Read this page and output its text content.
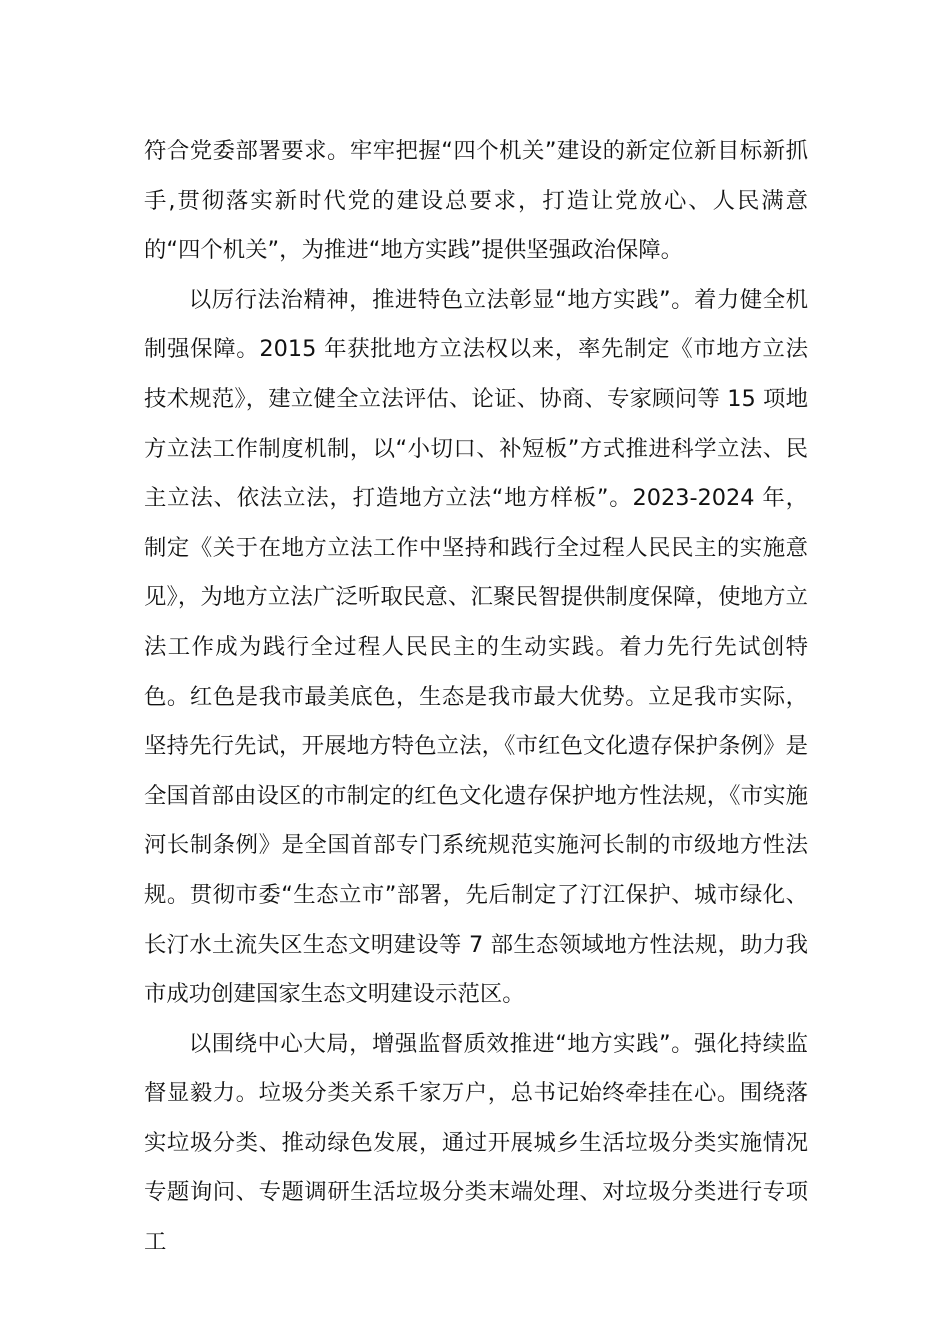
符合党委部署要求。牢牢把握“四个机关”建设的新定位新目标新抓手,贯彻落实新时代党的建设总要求，打造让党放心、人民满意的“四个机关”，为推进“地方实践”提供坚强政治保障。

以厉行法治精神，推进特色立法彰显“地方实践”。着力健全机制强保障。2015 年获批地方立法权以来，率先制定《市地方立法技术规范》，建立健全立法评估、论证、协商、专家顾问等 15 项地方立法工作制度机制，以“小切口、补短板”方式推进科学立法、民主立法、依法立法，打造地方立法“地方样板”。2023-2024 年，制定《关于在地方立法工作中坚持和践行全过程人民民主的实施意见》，为地方立法广泛听取民意、汇聚民智提供制度保障，使地方立法工作成为践行全过程人民民主的生动实践。着力先行先试创特色。红色是我市最美底色，生态是我市最大优势。立足我市实际，坚持先行先试，开展地方特色立法，《市红色文化遗存保护条例》是全国首部由设区的市制定的红色文化遗存保护地方性法规，《市实施河长制条例》是全国首部专门系统规范实施河长制的市级地方性法规。贯彻市委“生态立市”部署，先后制定了汀江保护、城市绿化、长汀水土流失区生态文明建设等 7 部生态领域地方性法规，助力我市成功创建国家生态文明建设示范区。

以围绕中心大局，增强监督质效推进“地方实践”。强化持续监督显毅力。垃圾分类关系千家万户，总书记始终牵挂在心。围绕落实垃圾分类、推动绿色发展，通过开展城乡生活垃圾分类实施情况专题询问、专题调研生活垃圾分类末端处理、对垃圾分类进行专项工
